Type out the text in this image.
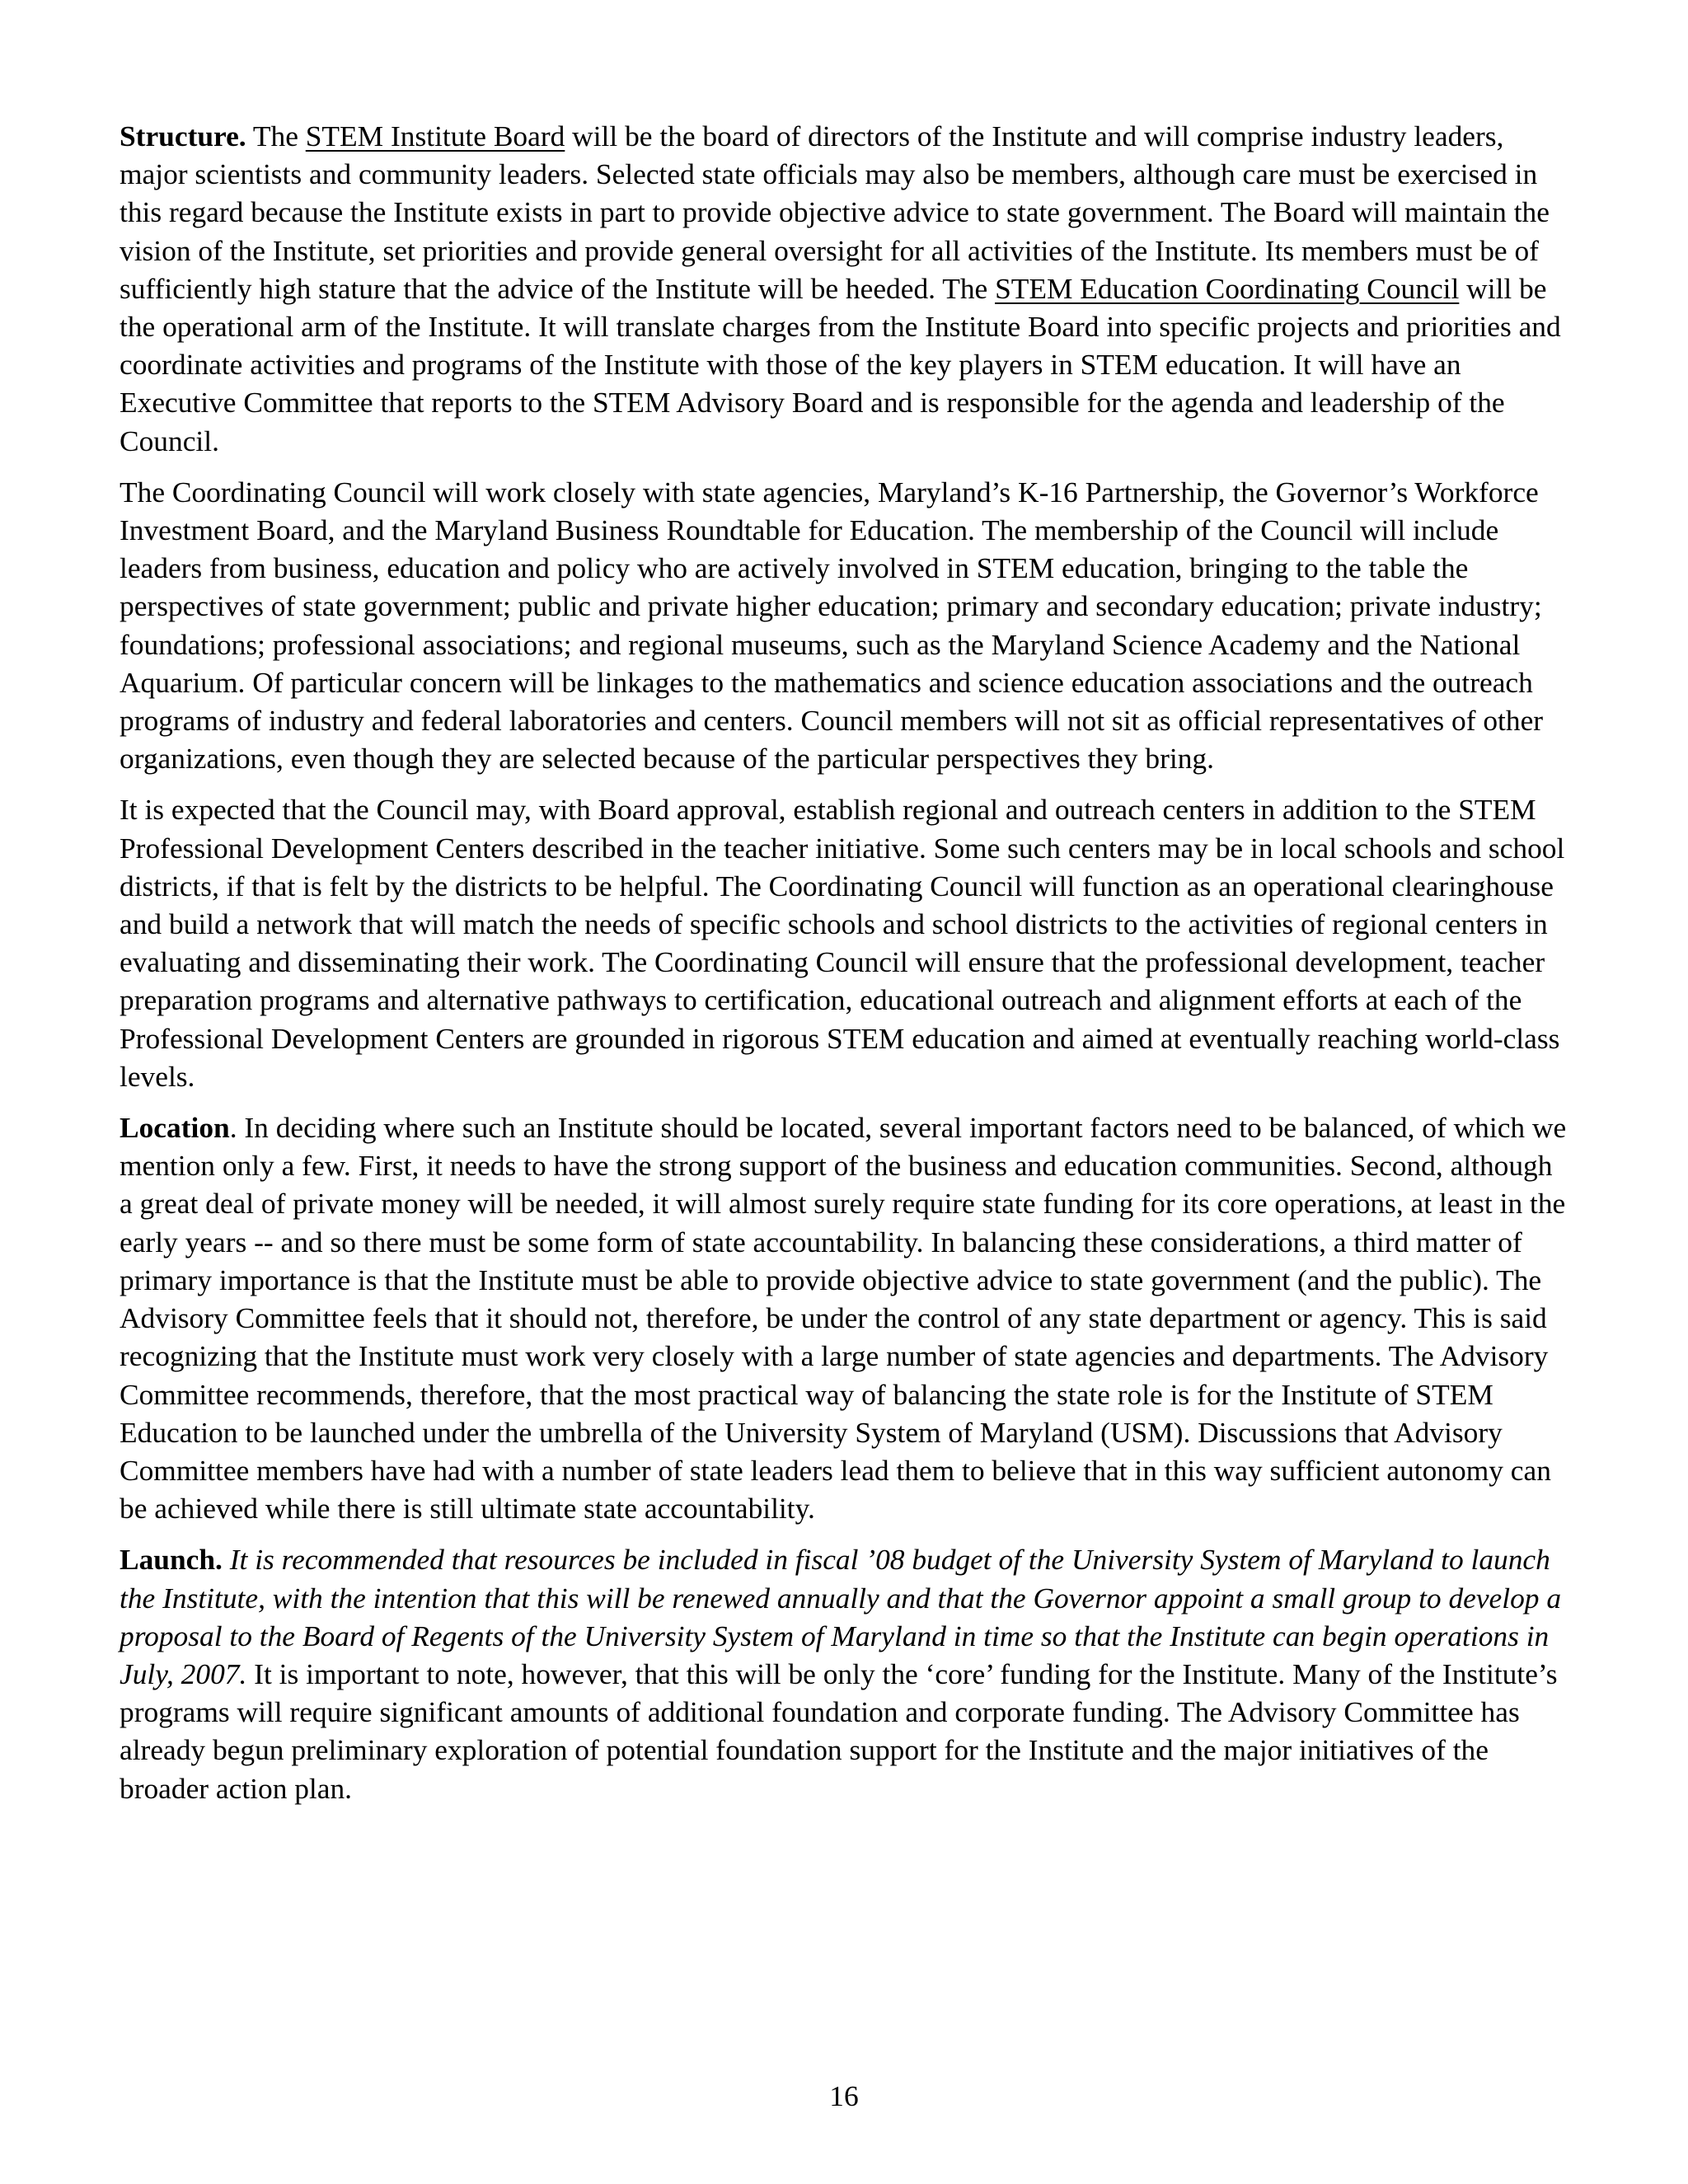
Structure. The STEM Institute Board will be the board of directors of the Institute and will comprise industry leaders, major scientists and community leaders. Selected state officials may also be members, although care must be exercised in this regard because the Institute exists in part to provide objective advice to state government. The Board will maintain the vision of the Institute, set priorities and provide general oversight for all activities of the Institute. Its members must be of sufficiently high stature that the advice of the Institute will be heeded. The STEM Education Coordinating Council will be the operational arm of the Institute. It will translate charges from the Institute Board into specific projects and priorities and coordinate activities and programs of the Institute with those of the key players in STEM education. It will have an Executive Committee that reports to the STEM Advisory Board and is responsible for the agenda and leadership of the Council.

The Coordinating Council will work closely with state agencies, Maryland’s K-16 Partnership, the Governor’s Workforce Investment Board, and the Maryland Business Roundtable for Education. The membership of the Council will include leaders from business, education and policy who are actively involved in STEM education, bringing to the table the perspectives of state government; public and private higher education; primary and secondary education; private industry; foundations; professional associations; and regional museums, such as the Maryland Science Academy and the National Aquarium. Of particular concern will be linkages to the mathematics and science education associations and the outreach programs of industry and federal laboratories and centers. Council members will not sit as official representatives of other organizations, even though they are selected because of the particular perspectives they bring.

It is expected that the Council may, with Board approval, establish regional and outreach centers in addition to the STEM Professional Development Centers described in the teacher initiative. Some such centers may be in local schools and school districts, if that is felt by the districts to be helpful. The Coordinating Council will function as an operational clearinghouse and build a network that will match the needs of specific schools and school districts to the activities of regional centers in evaluating and disseminating their work. The Coordinating Council will ensure that the professional development, teacher preparation programs and alternative pathways to certification, educational outreach and alignment efforts at each of the Professional Development Centers are grounded in rigorous STEM education and aimed at eventually reaching world-class levels.

Location. In deciding where such an Institute should be located, several important factors need to be balanced, of which we mention only a few. First, it needs to have the strong support of the business and education communities. Second, although a great deal of private money will be needed, it will almost surely require state funding for its core operations, at least in the early years -- and so there must be some form of state accountability. In balancing these considerations, a third matter of primary importance is that the Institute must be able to provide objective advice to state government (and the public). The Advisory Committee feels that it should not, therefore, be under the control of any state department or agency. This is said recognizing that the Institute must work very closely with a large number of state agencies and departments. The Advisory Committee recommends, therefore, that the most practical way of balancing the state role is for the Institute of STEM Education to be launched under the umbrella of the University System of Maryland (USM). Discussions that Advisory Committee members have had with a number of state leaders lead them to believe that in this way sufficient autonomy can be achieved while there is still ultimate state accountability.

Launch. It is recommended that resources be included in fiscal ’08 budget of the University System of Maryland to launch the Institute, with the intention that this will be renewed annually and that the Governor appoint a small group to develop a proposal to the Board of Regents of the University System of Maryland in time so that the Institute can begin operations in July, 2007. It is important to note, however, that this will be only the ‘core’ funding for the Institute. Many of the Institute’s programs will require significant amounts of additional foundation and corporate funding. The Advisory Committee has already begun preliminary exploration of potential foundation support for the Institute and the major initiatives of the broader action plan.

16
